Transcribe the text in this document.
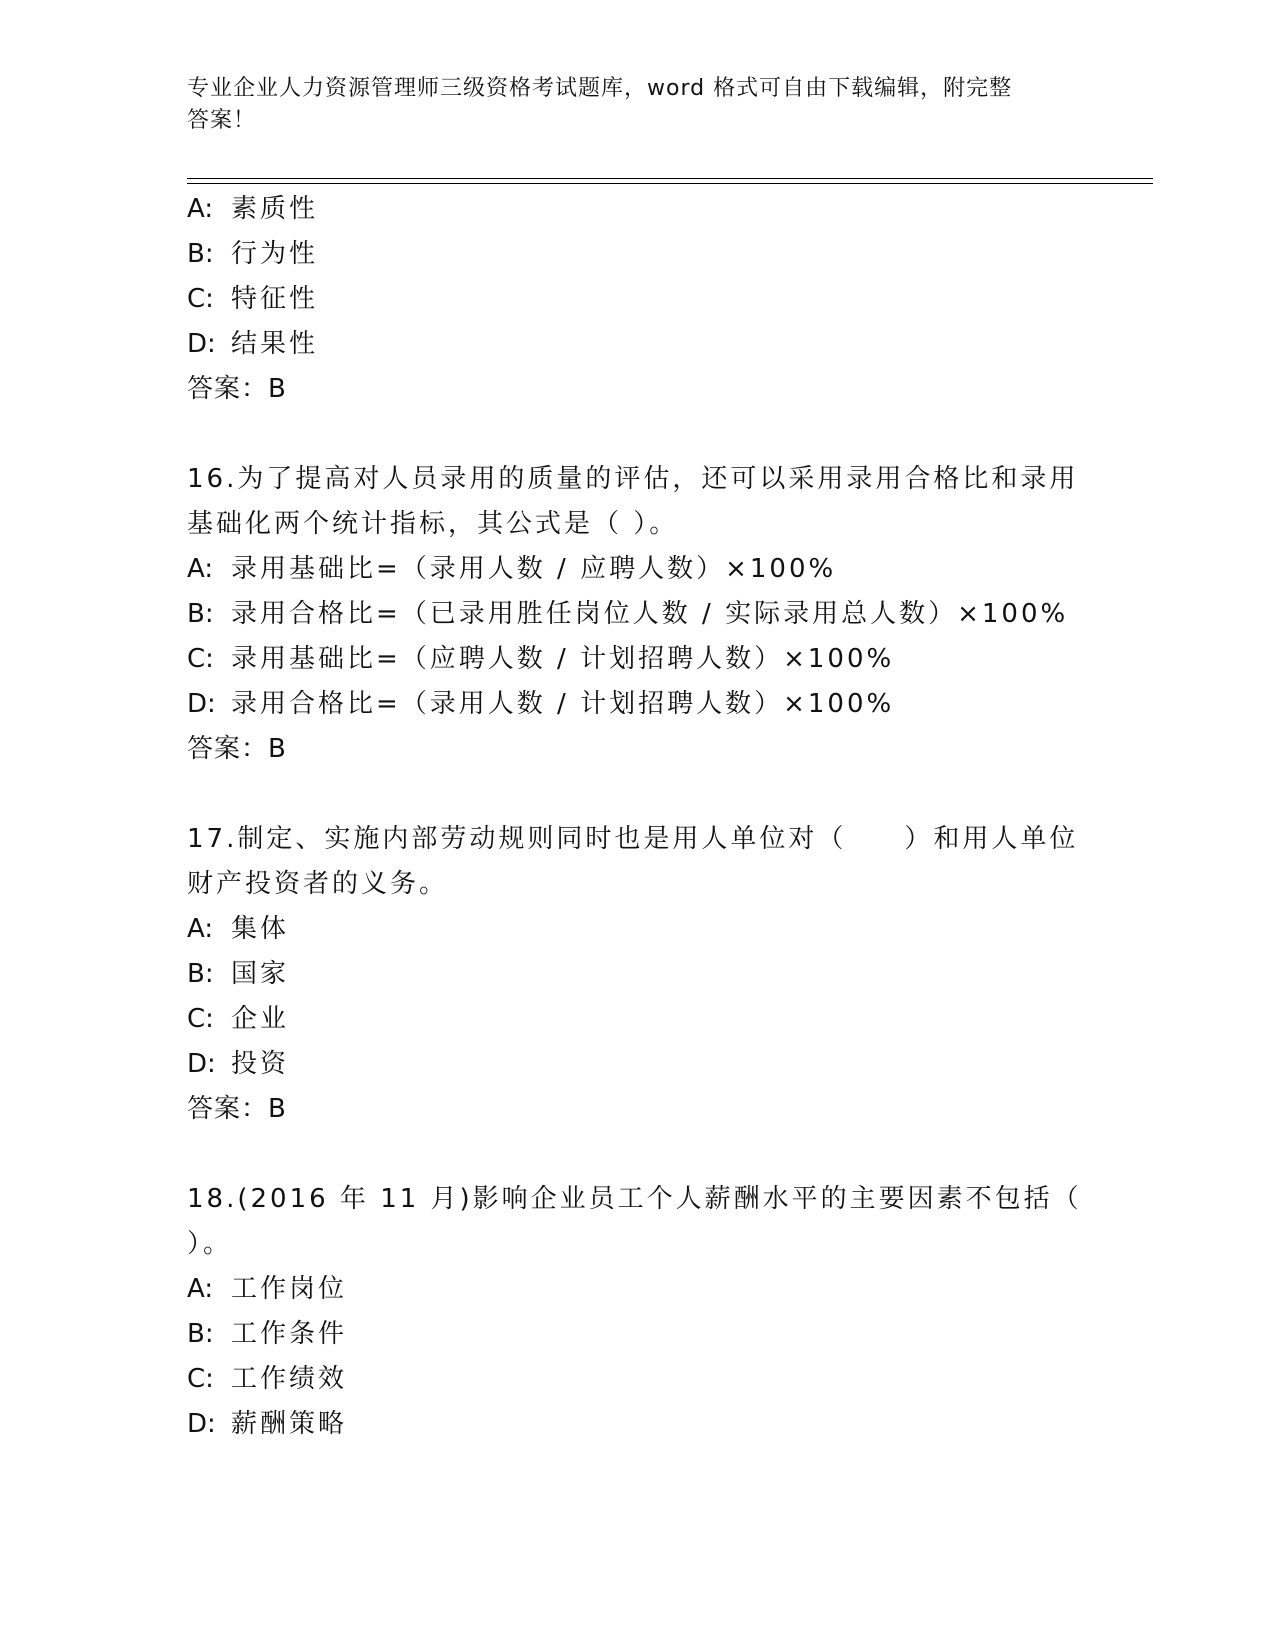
专业企业人力资源管理师三级资格考试题库，word 格式可自由下载编辑，附完整
答案！
A: 素质性
B: 行为性
C: 特征性
D: 结果性
答案：B
16.为了提高对人员录用的质量的评估，还可以采用录用合格比和录用
基础化两个统计指标，其公式是（ ）。
A: 录用基础比=（录用人数 / 应聘人数）×100%
B: 录用合格比=（已录用胜任岗位人数 / 实际录用总人数）×100%
C: 录用基础比=（应聘人数 / 计划招聘人数）×100%
D: 录用合格比=（录用人数 / 计划招聘人数）×100%
答案：B
17.制定、实施内部劳动规则同时也是用人单位对（　　）和用人单位
财产投资者的义务。
A: 集体
B: 国家
C: 企业
D: 投资
答案：B
18.(2016 年 11 月)影响企业员工个人薪酬水平的主要因素不包括（
）。
A: 工作岗位
B: 工作条件
C: 工作绩效
D: 薪酬策略
